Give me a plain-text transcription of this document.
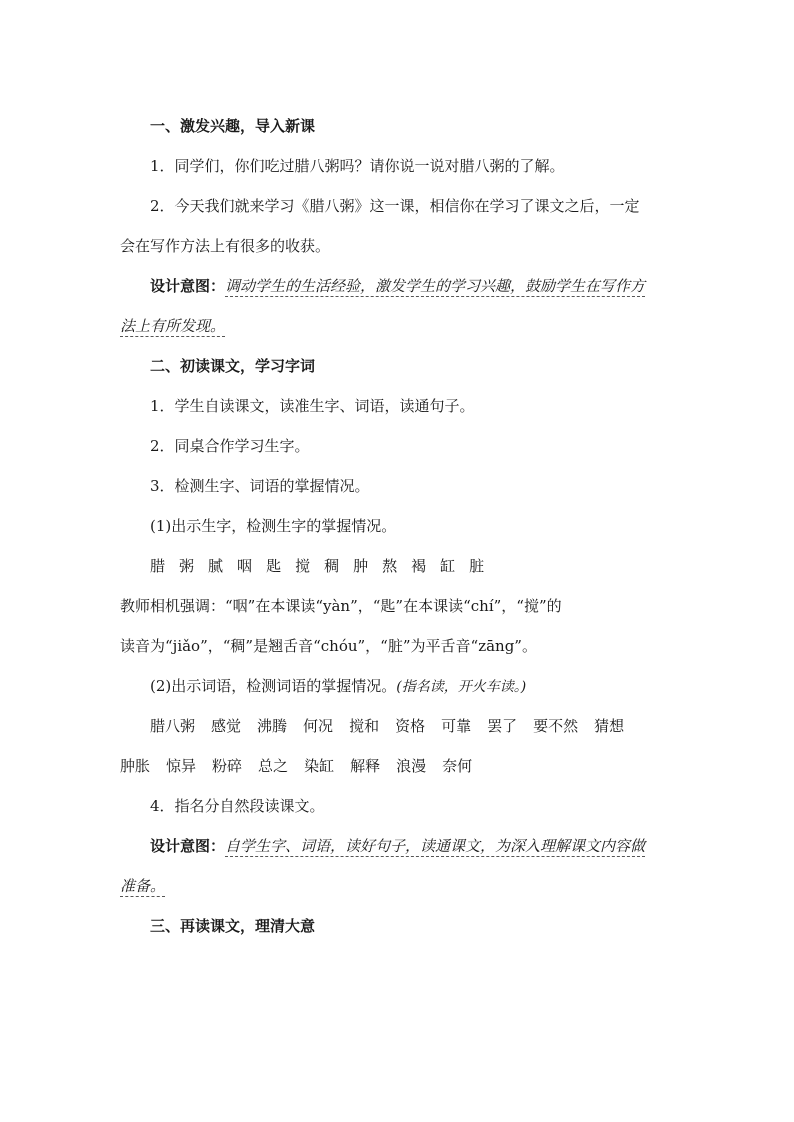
一、激发兴趣，导入新课

1．同学们，你们吃过腊八粥吗？请你说一说对腊八粥的了解。

2．今天我们就来学习《腊八粥》这一课，相信你在学习了课文之后，一定

会在写作方法上有很多的收获。

设计意图：调动学生的生活经验，激发学生的学习兴趣，鼓励学生在写作方

法上有所发现。

二、初读课文，学习字词

1．学生自读课文，读准生字、词语，读通句子。

2．同桌合作学习生字。

3．检测生字、词语的掌握情况。

(1)出示生字，检测生字的掌握情况。

腊 粥 腻 咽 匙 搅 稠 肿 熬 褐 缸 脏

教师相机强调：“咽”在本课读“yàn”，“匙”在本课读“chí”，“搅”的

读音为“jiǎo”，“稠”是翘舌音“chóu”，“脏”为平舌音“zāng”。

(2)出示词语，检测词语的掌握情况。(指名读，开火车读。)

腊八粥 感觉 沸腾 何况 搅和 资格 可靠 罢了 要不然 猜想

肿胀 惊异 粉碎 总之 染缸 解释 浪漫 奈何

4．指名分自然段读课文。

设计意图：自学生字、词语，读好句子，读通课文，为深入理解课文内容做

准备。

三、再读课文，理清大意
